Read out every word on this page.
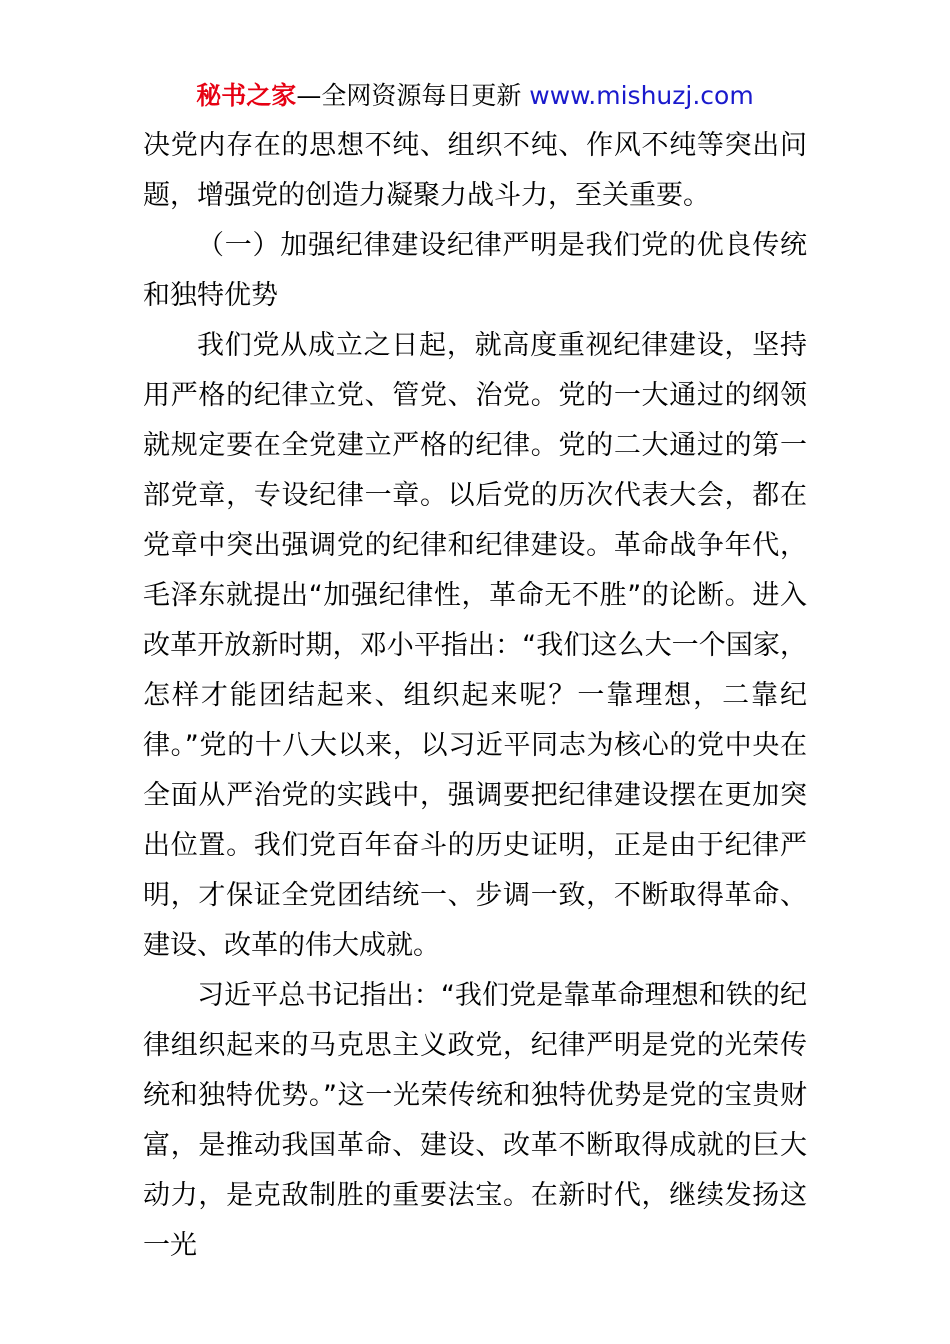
秘书之家—全网资源每日更新 www.mishuzj.com

决党内存在的思想不纯、组织不纯、作风不纯等突出问题，增强党的创造力凝聚力战斗力，至关重要。

（一）加强纪律建设纪律严明是我们党的优良传统和独特优势

我们党从成立之日起，就高度重视纪律建设，坚持用严格的纪律立党、管党、治党。党的一大通过的纲领就规定要在全党建立严格的纪律。党的二大通过的第一部党章，专设纪律一章。以后党的历次代表大会，都在党章中突出强调党的纪律和纪律建设。革命战争年代，毛泽东就提出“加强纪律性，革命无不胜”的论断。进入改革开放新时期，邓小平指出：“我们这么大一个国家，怎样才能团结起来、组织起来呢？一靠理想，二靠纪律。”党的十八大以来，以习近平同志为核心的党中央在全面从严治党的实践中，强调要把纪律建设摆在更加突出位置。我们党百年奋斗的历史证明，正是由于纪律严明，才保证全党团结统一、步调一致，不断取得革命、建设、改革的伟大成就。

习近平总书记指出：“我们党是靠革命理想和铁的纪律组织起来的马克思主义政党，纪律严明是党的光荣传统和独特优势。”这一光荣传统和独特优势是党的宝贵财富，是推动我国革命、建设、改革不断取得成就的巨大动力，是克敌制胜的重要法宝。在新时代，继续发扬这一光
